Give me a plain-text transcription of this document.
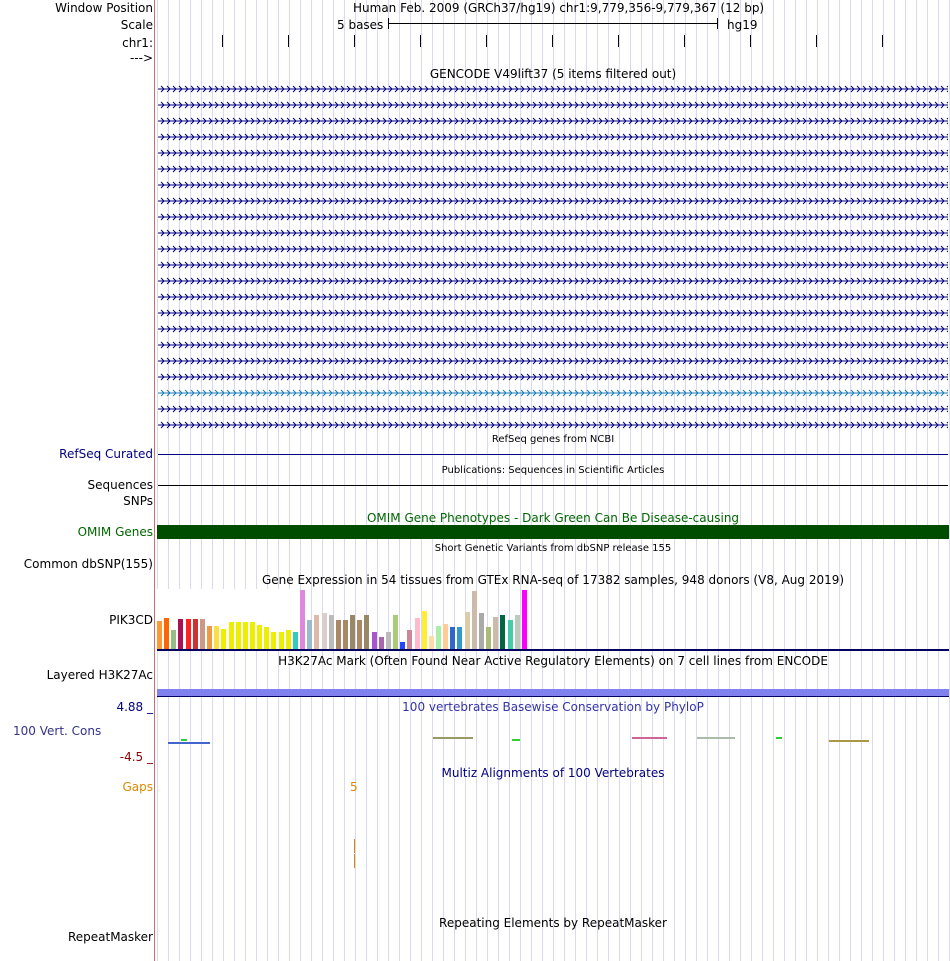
Window Position
Scale
chr1:
--->
Human Feb. 2009 (GRCh37/hg19) chr1:9,779,356-9,779,367 (12 bp)
5 bases	hg19
GENCODE V49lift37 (5 items filtered out)
RefSeq genes from NCBI
RefSeq Curated
Publications: Sequences in Scientific Articles
Sequences
SNPs
OMIM Gene Phenotypes - Dark Green Can Be Disease-causing
OMIM Genes
Short Genetic Variants from dbSNP release 155
Common dbSNP(155)
Gene Expression in 54 tissues from GTEx RNA-seq of 17382 samples, 948 donors (V8, Aug 2019)
PIK3CD
H3K27Ac Mark (Often Found Near Active Regulatory Elements) on 7 cell lines from ENCODE
Layered H3K27Ac
100 vertebrates Basewise Conservation by PhyloP
4.88 _
100 Vert. Cons
-4.5 _
Multiz Alignments of 100 Vertebrates
Gaps	5
Repeating Elements by RepeatMasker
RepeatMasker
